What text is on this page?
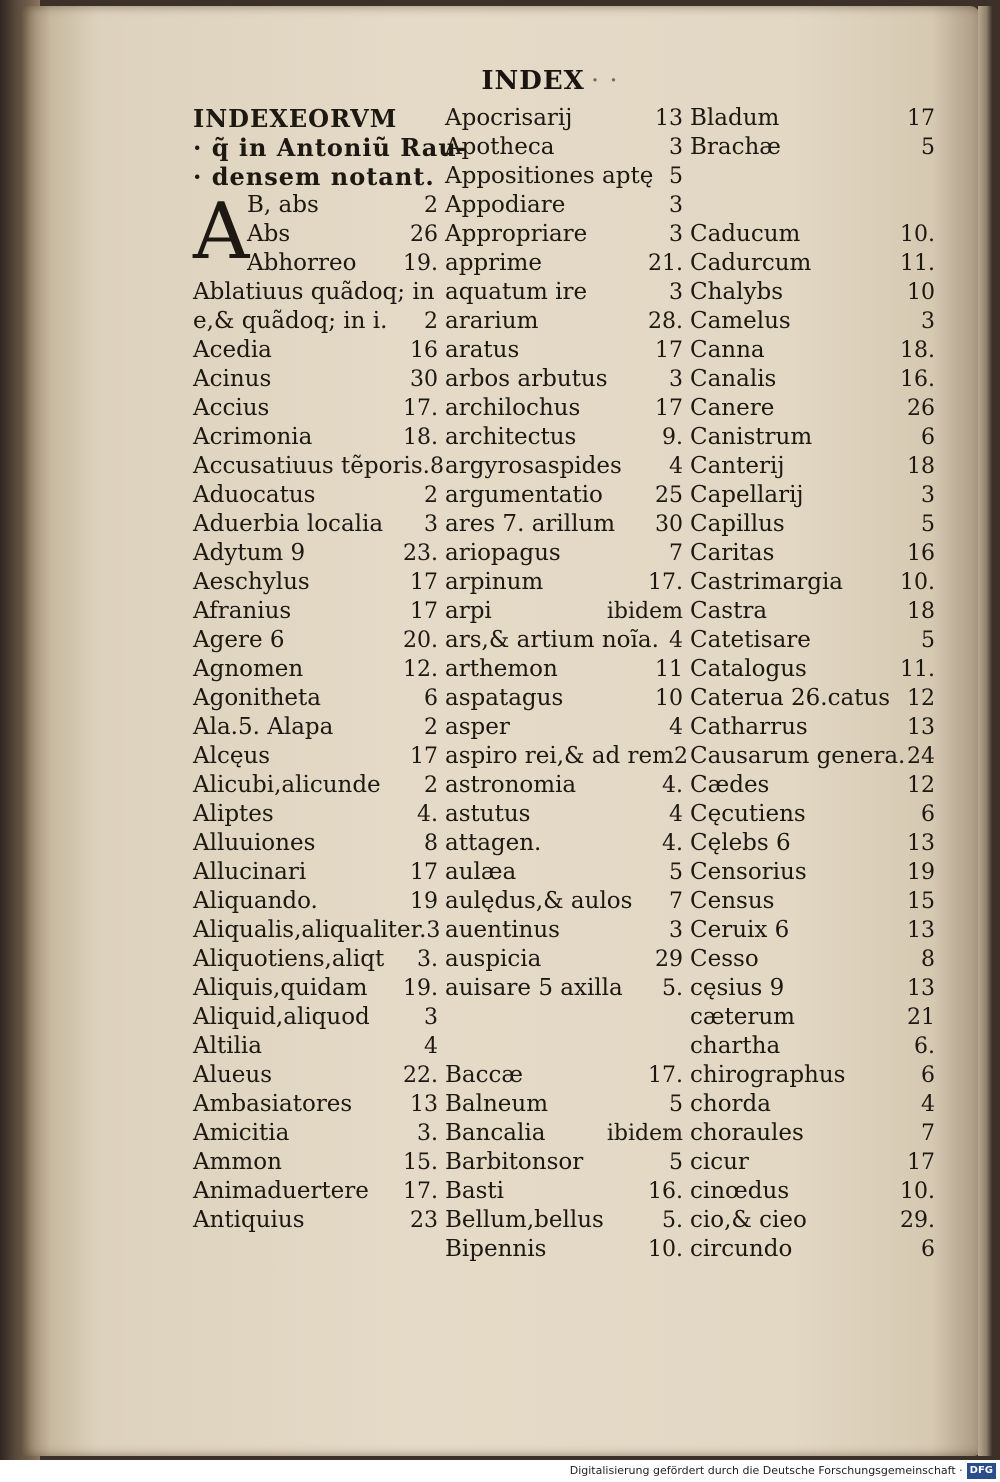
INDEX · ·
INDEXEORVM
· q̃ in Antoniũ Rau-
· densem notant.
A
B, abs	2
Abs	26
Abhorreo 19.
Ablatiuus quãdoq; in
e,& quãdoq; in i. 2
Acedia	16
Acinus	30
Accius	17.
Acrimonia	18.
Accusatiuus tẽporis. 8
Aduocatus	2
Aduerbia localia 3
Adytum 9	23.
Aeschylus	17
Afranius	17
Agere 6	20.
Agnomen	12.
Agonitheta	6
Ala.5. Alapa	2
Alcęus	17
Alicubi,alicunde 2
Aliptes	4.
Alluuiones	8
Allucinari	17
Aliquando.	19
Aliqualis,aliqualiter. 3
Aliquotiens,aliqt 3.
Aliquis,quidam 19.
Aliquid,aliquod 3
Altilia	4
Alueus	22.
Ambasiatores	13
Amicitia	3.
Ammon	15.
Animaduertere 17.
Antiquius	23
Apocrisarij	13
Apotheca	3
Appositiones aptę 5
Appodiare	3
Appropriare	3
apprime	21.
aquatum ire	3
ararium	28.
aratus	17
arbos arbutus	3
archilochus	17
architectus	9.
argyrosaspides 4
argumentatio 25
ares 7. arillum 30
ariopagus	7
arpinum	17.
arpi	ibidem
ars,& artium noĩa. 4
arthemon	11
aspatagus	10
asper	4
aspiro rei,& ad rem 2
astronomia	4.
astutus	4
attagen.	4.
aulæa	5
aulędus,& aulos 7
auentinus	3
auspicia	29
auisare 5 axilla 5.
Baccæ	17.
Balneum	5
Bancalia	ibidem
Barbitonsor	5
Basti	16.
Bellum,bellus	5.
Bipennis	10.
Bladum	17
Brachæ	5
Caducum	10.
Cadurcum	11.
Chalybs	10
Camelus	3
Canna	18.
Canalis	16.
Canere	26
Canistrum	6
Canterij	18
Capellarij	3
Capillus	5
Caritas	16
Castrimargia	10.
Castra	18
Catetisare	5
Catalogus	11.
Caterua 26.catus 12
Catharrus	13
Causarum genera. 24
Cædes	12
Cęcutiens	6
Cęlebs 6	13
Censorius	19
Census	15
Ceruix 6	13
Cesso	8
cęsius 9	13
cæterum	21
chartha	6.
chirographus	6
chorda	4
choraules	7
cicur	17
cinœdus	10.
cio,& cieo	29.
circundo	6
Digitalisierung gefördert durch die Deutsche Forschungsgemeinschaft · DFG
